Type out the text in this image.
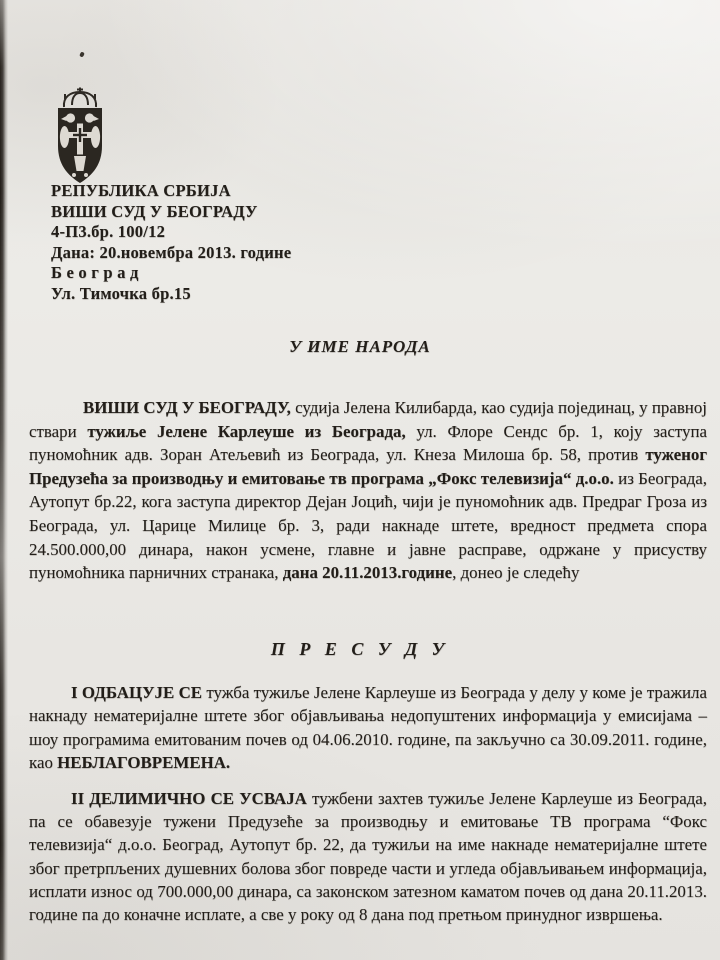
РЕПУБЛИКА СРБИЈА
ВИШИ СУД У БЕОГРАДУ
4-П3.бр. 100/12
Дана: 20.новембра 2013. године
Б е о г р а д
Ул. Тимочка бр.15
У ИМЕ НАРОДА

ВИШИ СУД У БЕОГРАДУ, судија Јелена Килибарда, као судија појединац, у правној ствари тужиље Јелене Карлеуше из Београда, ул. Флоре Сендс бр. 1, коју заступа пуномоћник адв. Зоран Атељевић из Београда, ул. Кнеза Милоша бр. 58, против туженог Предузећа за производњу и емитовање тв програма „Фокс телевизија“ д.о.о. из Београда, Аутопут бр.22, кога заступа директор Дејан Јоцић, чији је пуномоћник адв. Предраг Гроза из Београда, ул. Царице Милице бр. 3, ради накнаде штете, вредност предмета спора 24.500.000,00 динара, након усмене, главне и јавне расправе, одржане у присуству пуномоћника парничних странака, дана 20.11.2013.године, донео је следећу

П Р Е С У Д У

I ОДБАЦУЈЕ СЕ тужба тужиље Јелене Карлеуше из Београда у делу у коме је тражила накнаду нематеријалне штете због објављивања недопуштених информација у емисијама – шоу програмима емитованим почев од 04.06.2010. године, па закључно са 30.09.2011. године, као НЕБЛАГОВРЕМЕНА.

II ДЕЛИМИЧНО СЕ УСВАЈА тужбени захтев тужиље Јелене Карлеуше из Београда, па се обавезује тужени Предузеће за производњу и емитовање ТВ програма “Фокс телевизија“ д.о.о. Београд, Аутопут бр. 22, да тужиљи на име накнаде нематеријалне штете због претрпљених душевних болова због повреде части и угледа објављивањем информација, исплати износ од 700.000,00 динара, са законском затезном каматом почев од дана 20.11.2013. године па до коначне исплате, а све у року од 8 дана под претњом принудног извршења.
